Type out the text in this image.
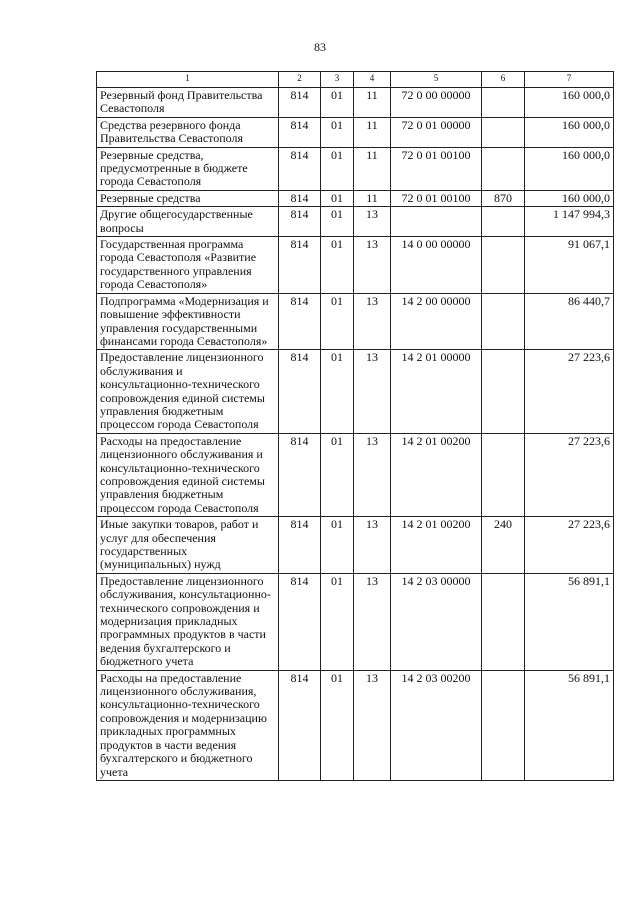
83
1	2	3	4	5	6	7
Резервный фонд Правительства Севастополя	814	01	11	72 0 00 00000		160 000,0
Средства резервного фонда Правительства Севастополя	814	01	11	72 0 01 00000		160 000,0
Резервные средства, предусмотренные в бюджете города Севастополя	814	01	11	72 0 01 00100		160 000,0
Резервные средства	814	01	11	72 0 01 00100	870	160 000,0
Другие общегосударственные вопросы	814	01	13			1 147 994,3
Государственная программа города Севастополя «Развитие государственного управления города Севастополя»	814	01	13	14 0 00 00000		91 067,1
Подпрограмма «Модернизация и повышение эффективности управления государственными финансами города Севастополя»	814	01	13	14 2 00 00000		86 440,7
Предоставление лицензионного обслуживания и консультационно-технического сопровождения единой системы управления бюджетным процессом города Севастополя	814	01	13	14 2 01 00000		27 223,6
Расходы на предоставление лицензионного обслуживания и консультационно-технического сопровождения единой системы управления бюджетным процессом города Севастополя	814	01	13	14 2 01 00200		27 223,6
Иные закупки товаров, работ и услуг для обеспечения государственных (муниципальных) нужд	814	01	13	14 2 01 00200	240	27 223,6
Предоставление лицензионного обслуживания, консультационно-технического сопровождения и модернизация прикладных программных продуктов в части ведения бухгалтерского и бюджетного учета	814	01	13	14 2 03 00000		56 891,1
Расходы на предоставление лицензионного обслуживания, консультационно-технического сопровождения и модернизацию прикладных программных продуктов в части ведения бухгалтерского и бюджетного учета	814	01	13	14 2 03 00200		56 891,1
